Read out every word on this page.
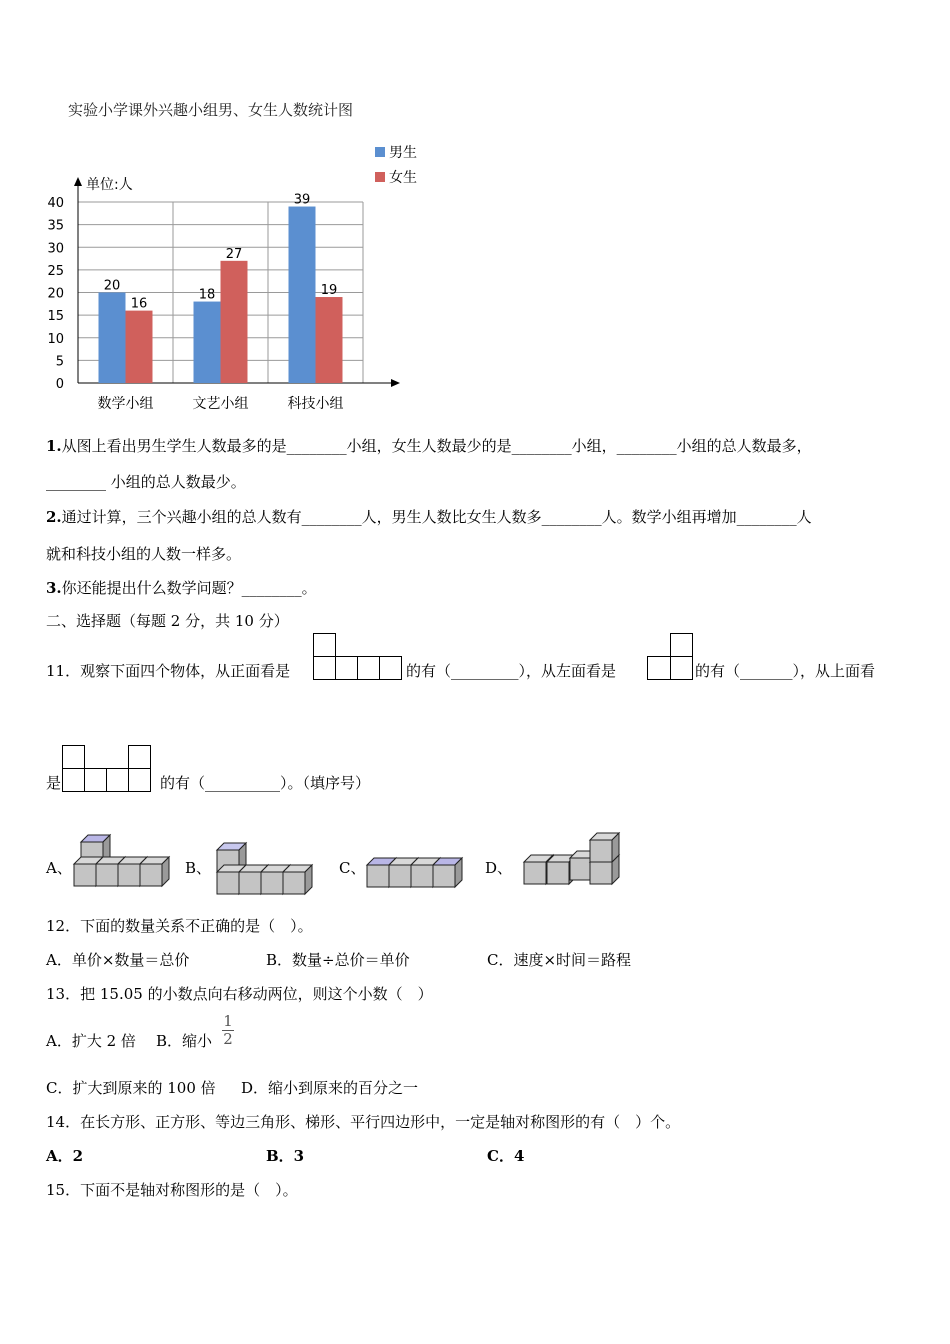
实验小学课外兴趣小组男、女生人数统计图
0
5
10
15
20
25
30
35
40
单位:人
20
16
数学小组
18
27
文艺小组
39
19
科技小组
男生
女生
1.从图上看出男生学生人数最多的是________小组，女生人数最少的是________小组，________小组的总人数最多，
________ 小组的总人数最少。
2.通过计算，三个兴趣小组的总人数有________人，男生人数比女生人数多________人。数学小组再增加________人
就和科技小组的人数一样多。
3.你还能提出什么数学问题？________。
二、选择题（每题 2 分，共 10 分）
11．观察下面四个物体，从正面看是	的有（_________），从左面看是	的有（_______），从上面看
是	的有（__________）。（填序号）
A、	B、	C、	D、
12．下面的数量关系不正确的是（　）。
A．单价×数量＝总价	B．数量÷总价＝单价	C．速度×时间＝路程
13．把 15.05 的小数点向右移动两位，则这个小数（　）
A．扩大 2 倍 B．缩小
1
2
C．扩大到原来的 100 倍 D．缩小到原来的百分之一
14．在长方形、正方形、等边三角形、梯形、平行四边形中，一定是轴对称图形的有（　）个。
A．2	B．3	C．4
15．下面不是轴对称图形的是（　）。
